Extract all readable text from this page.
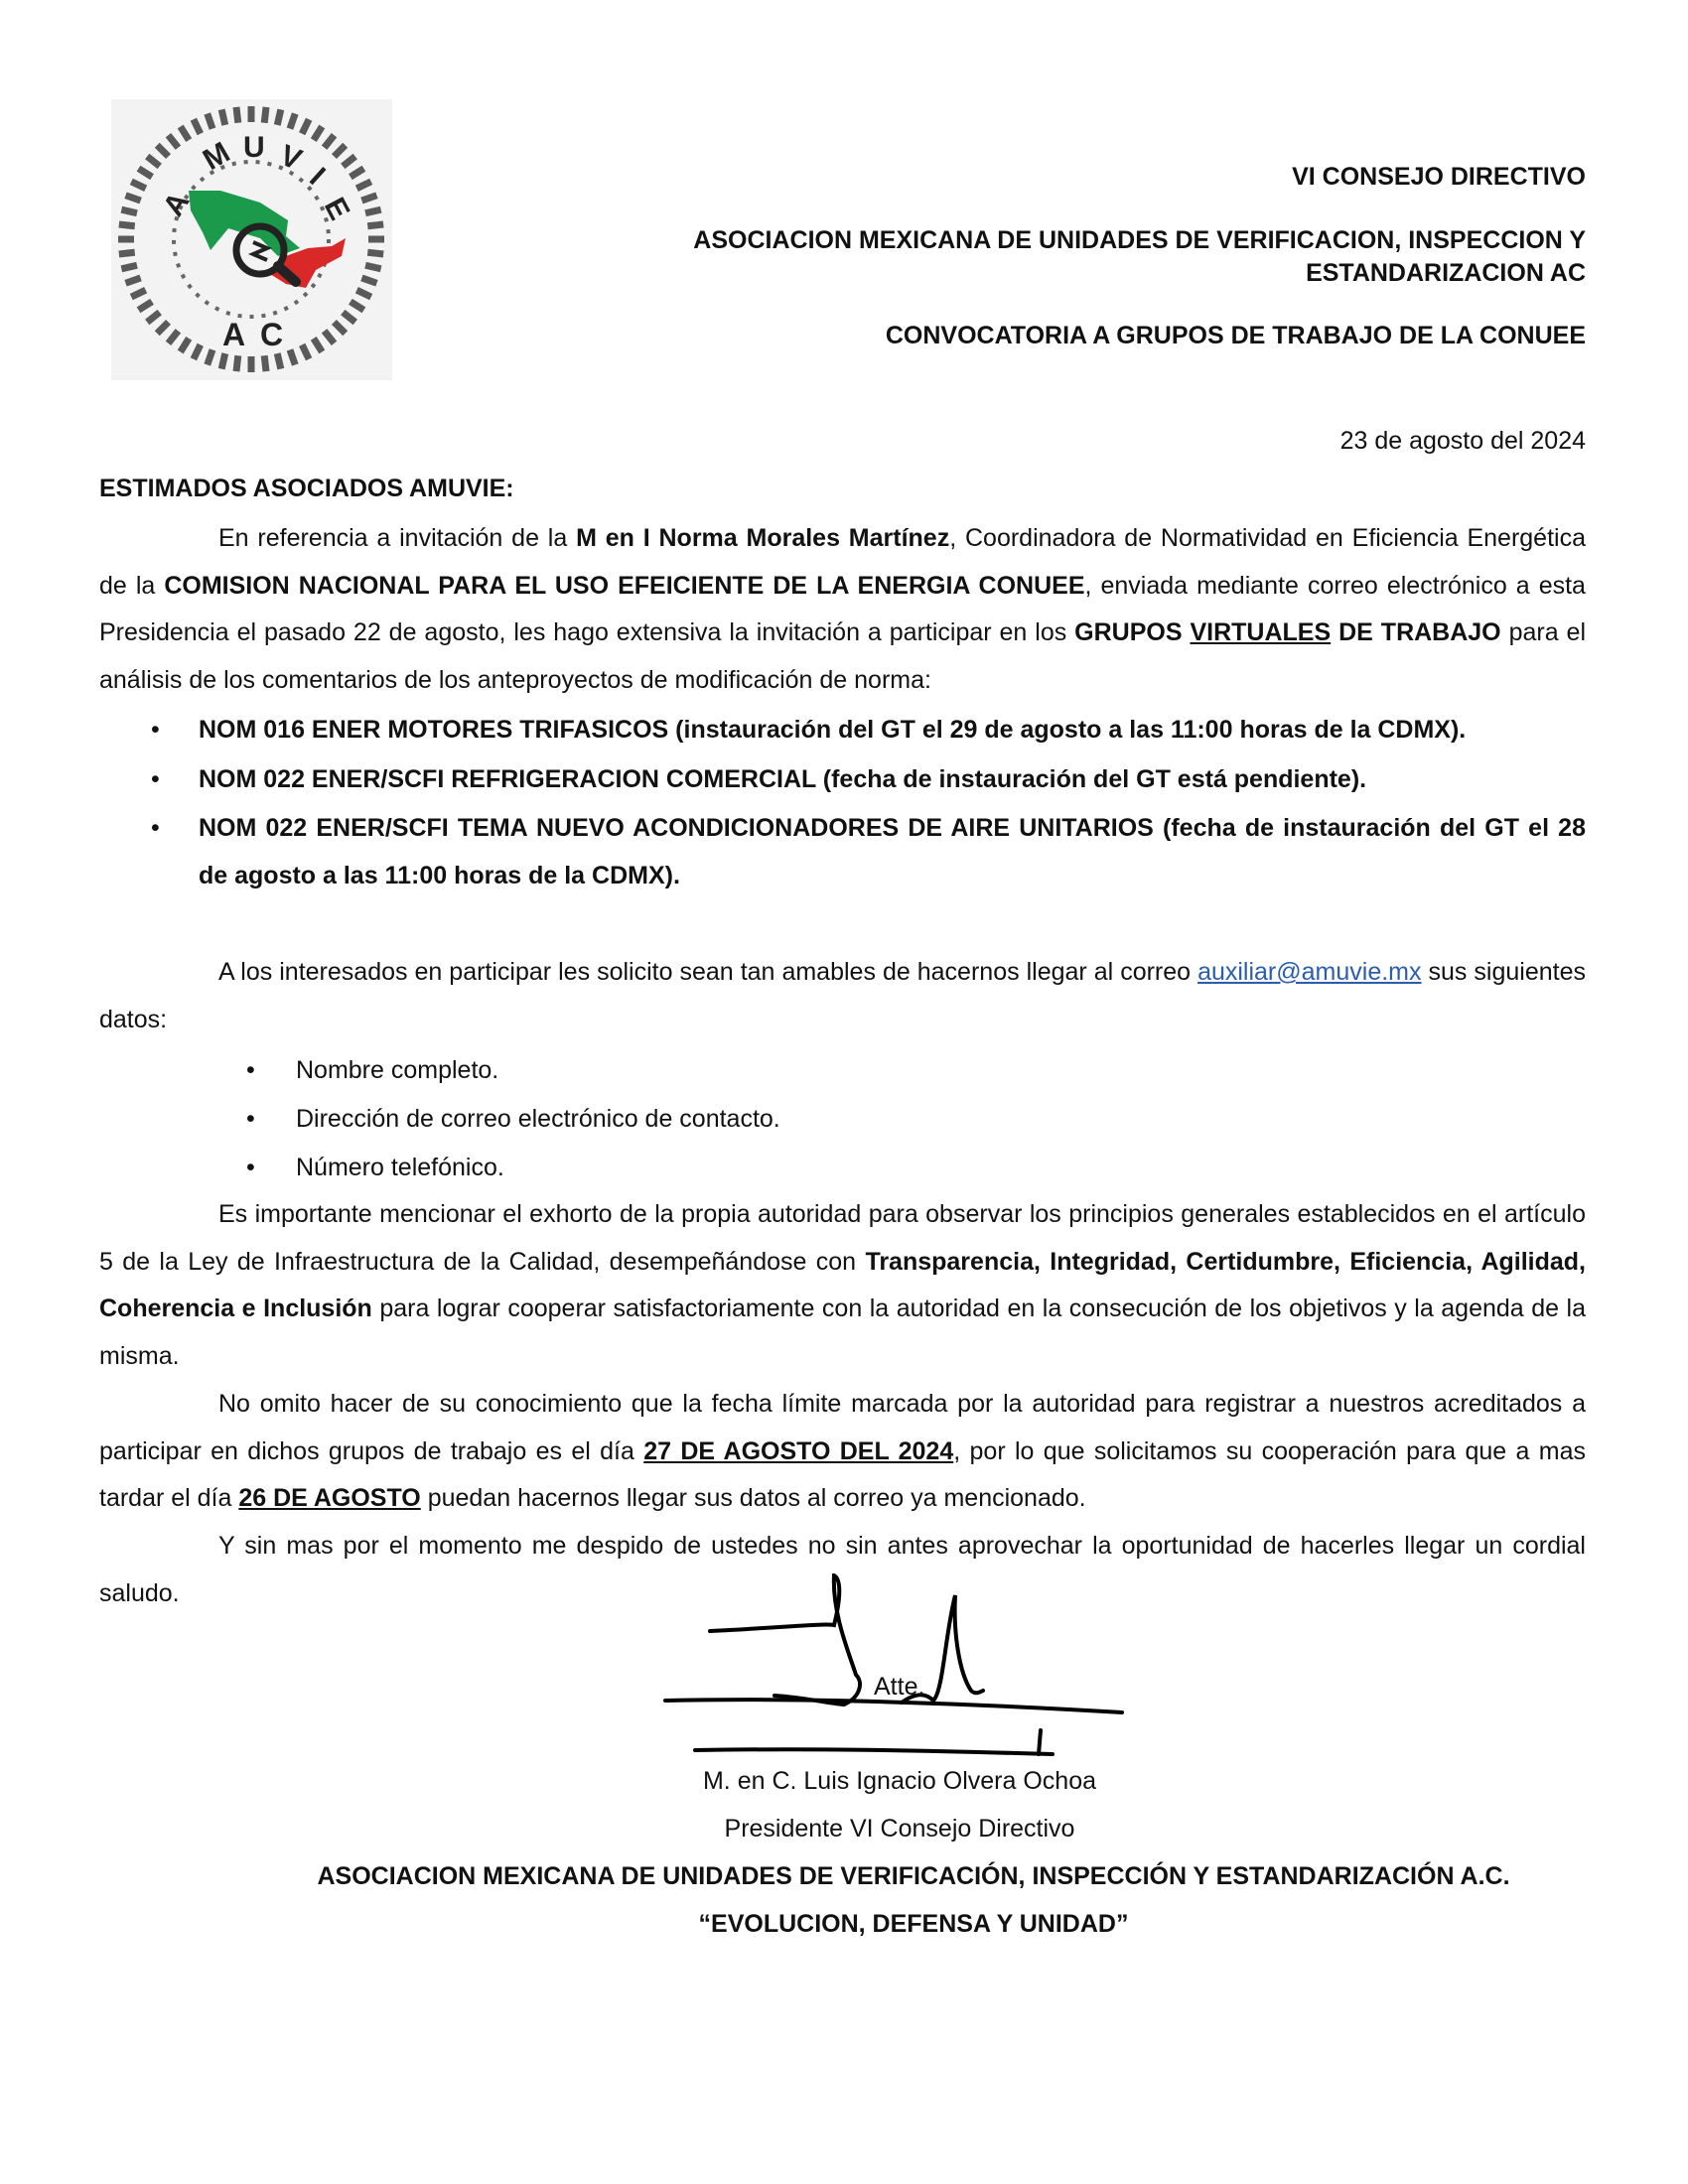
A
M U V
I
E
A C
VI CONSEJO DIRECTIVO
ASOCIACION MEXICANA DE UNIDADES DE VERIFICACION, INSPECCION Y ESTANDARIZACION AC
CONVOCATORIA A GRUPOS DE TRABAJO DE LA CONUEE
23 de agosto del 2024
ESTIMADOS ASOCIADOS AMUVIE:
En referencia a invitación de la M en I Norma Morales Martínez, Coordinadora de Normatividad en Eficiencia Energética de la COMISION NACIONAL PARA EL USO EFEICIENTE DE LA ENERGIA CONUEE, enviada mediante correo electrónico a esta Presidencia el pasado 22 de agosto, les hago extensiva la invitación a participar en los GRUPOS VIRTUALES DE TRABAJO para el análisis de los comentarios de los anteproyectos de modificación de norma:
• NOM 016 ENER MOTORES TRIFASICOS (instauración del GT el 29 de agosto a las 11:00 horas de la CDMX).
• NOM 022 ENER/SCFI REFRIGERACION COMERCIAL (fecha de instauración del GT está pendiente).
• NOM 022 ENER/SCFI TEMA NUEVO ACONDICIONADORES DE AIRE UNITARIOS (fecha de instauración del GT el 28 de agosto a las 11:00 horas de la CDMX).
A los interesados en participar les solicito sean tan amables de hacernos llegar al correo auxiliar@amuvie.mx sus siguientes datos:
• Nombre completo.
• Dirección de correo electrónico de contacto.
• Número telefónico.
Es importante mencionar el exhorto de la propia autoridad para observar los principios generales establecidos en el artículo 5 de la Ley de Infraestructura de la Calidad, desempeñándose con Transparencia, Integridad, Certidumbre, Eficiencia, Agilidad, Coherencia e Inclusión para lograr cooperar satisfactoriamente con la autoridad en la consecución de los objetivos y la agenda de la misma.
No omito hacer de su conocimiento que la fecha límite marcada por la autoridad para registrar a nuestros acreditados a participar en dichos grupos de trabajo es el día 27 DE AGOSTO DEL 2024, por lo que solicitamos su cooperación para que a mas tardar el día 26 DE AGOSTO puedan hacernos llegar sus datos al correo ya mencionado.
Y sin mas por el momento me despido de ustedes no sin antes aprovechar la oportunidad de hacerles llegar un cordial saludo.
Atte.
M. en C. Luis Ignacio Olvera Ochoa
Presidente VI Consejo Directivo
ASOCIACION MEXICANA DE UNIDADES DE VERIFICACIÓN, INSPECCIÓN Y ESTANDARIZACIÓN A.C.
“EVOLUCION, DEFENSA Y UNIDAD”
